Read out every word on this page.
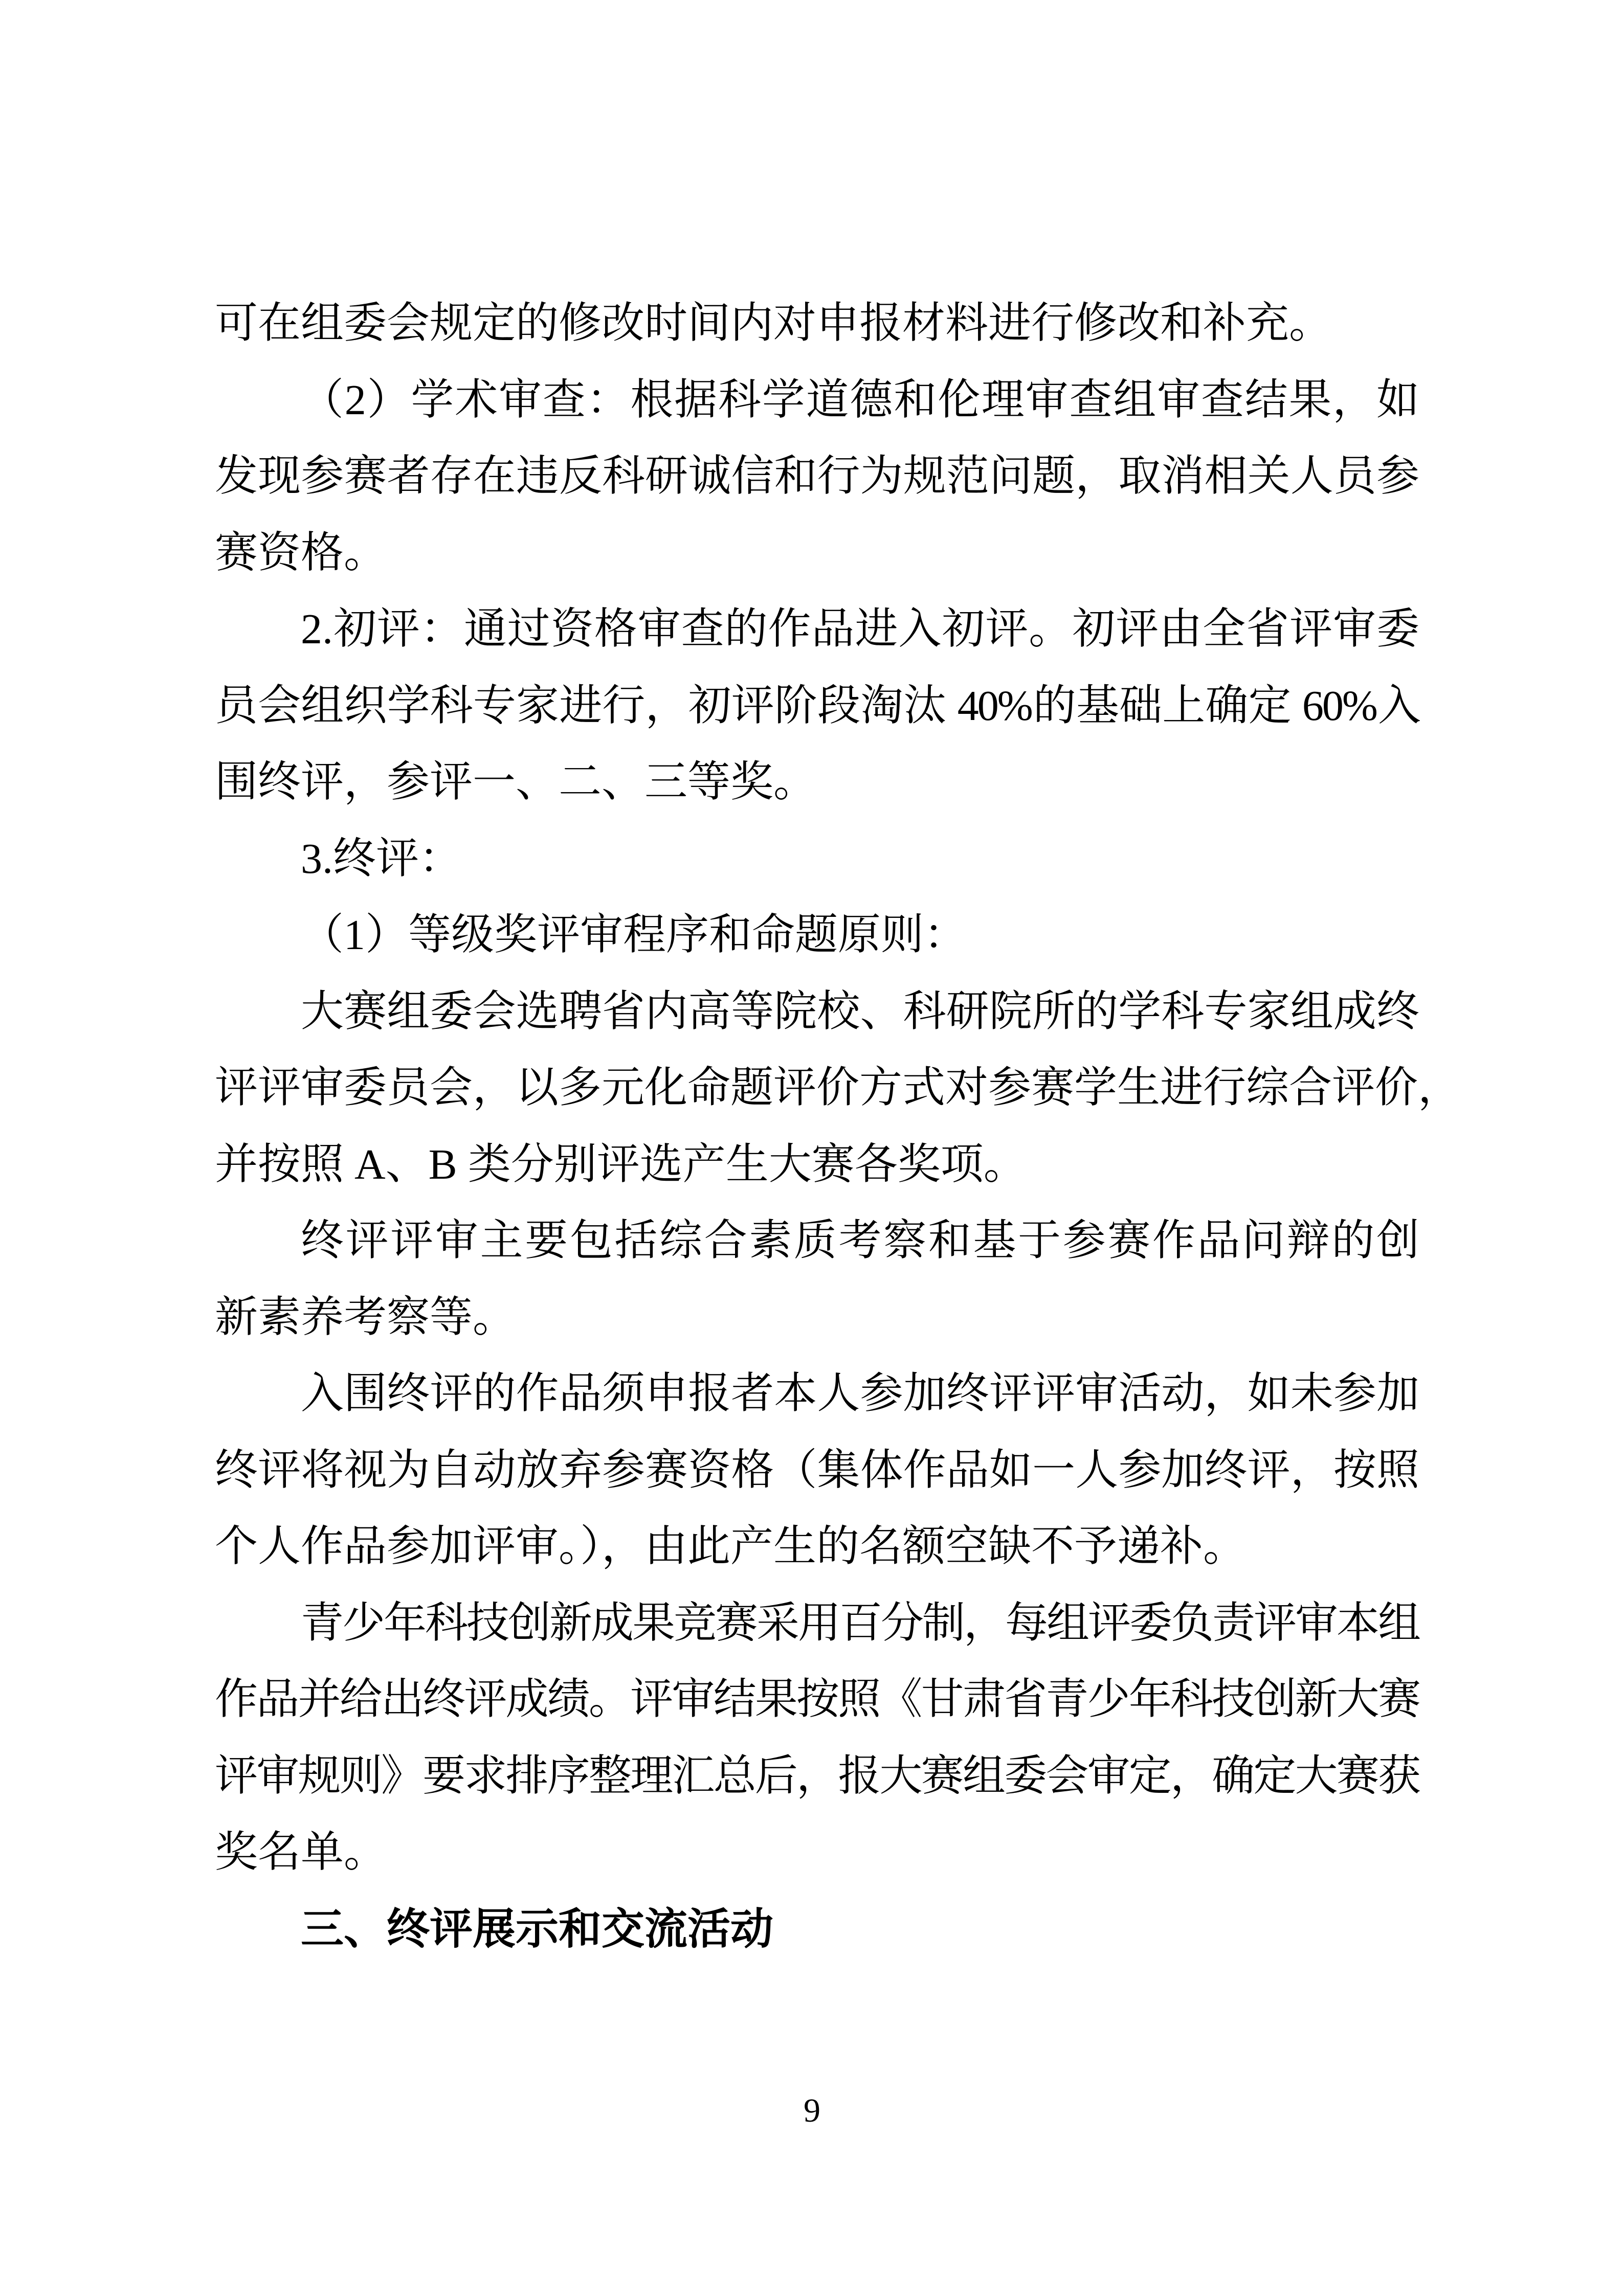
可在组委会规定的修改时间内对申报材料进行修改和补充。
（2）学术审查：根据科学道德和伦理审查组审查结果，如
发现参赛者存在违反科研诚信和行为规范问题，取消相关人员参
赛资格。
2.初评：通过资格审查的作品进入初评。初评由全省评审委
员会组织学科专家进行，初评阶段淘汰 40%的基础上确定 60%入
围终评，参评一、二、三等奖。
3.终评：
（1）等级奖评审程序和命题原则：
大赛组委会选聘省内高等院校、科研院所的学科专家组成终
评评审委员会，以多元化命题评价方式对参赛学生进行综合评价，
并按照 A、B 类分别评选产生大赛各奖项。
终评评审主要包括综合素质考察和基于参赛作品问辩的创
新素养考察等。
入围终评的作品须申报者本人参加终评评审活动，如未参加
终评将视为自动放弃参赛资格（集体作品如一人参加终评，按照
个人作品参加评审。），由此产生的名额空缺不予递补。
青少年科技创新成果竞赛采用百分制，每组评委负责评审本组
作品并给出终评成绩。评审结果按照《甘肃省青少年科技创新大赛
评审规则》要求排序整理汇总后，报大赛组委会审定，确定大赛获
奖名单。
三、终评展示和交流活动
9
